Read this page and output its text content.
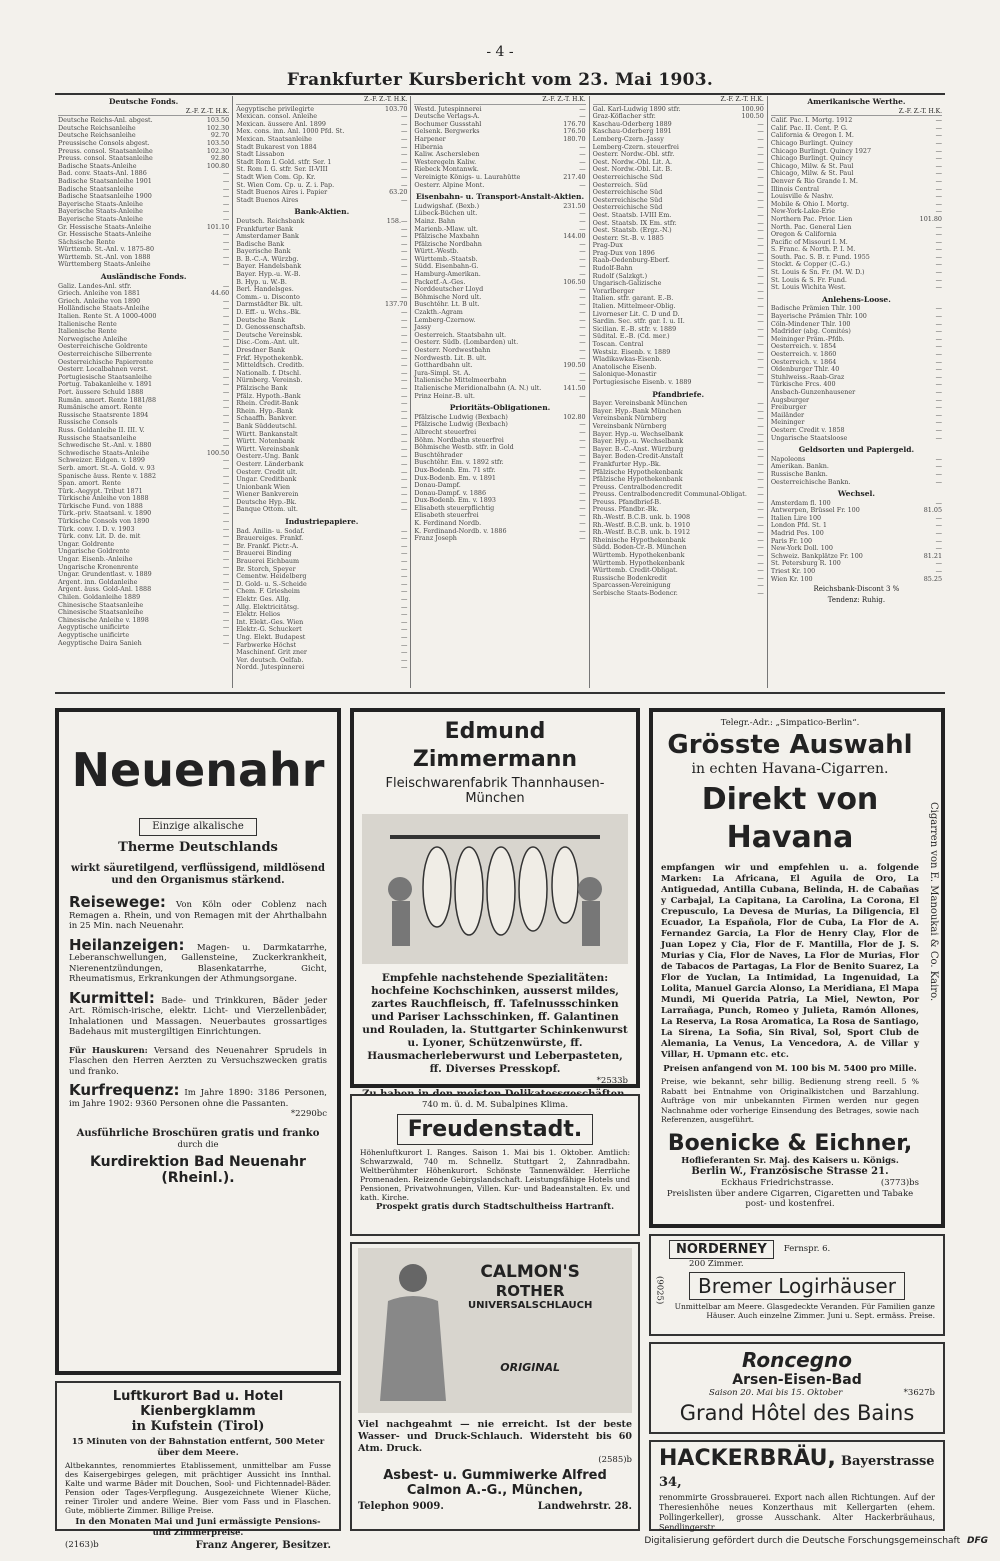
- 4 -
Frankfurter Kursbericht vom 23. Mai 1903.
Deutsche Fonds.
Z.-F. Z.-T. H.K.
Deutsche Reichs-Anl. abgest.	103.50
Deutsche Reichsanleihe	102.30
Deutsche Reichsanleihe	92.70
Preussische Consols abgest.	103.50
Preuss. consol. Staatsanleihe	102.30
Preuss. consol. Staatsanleihe	92.80
Badische Staats-Anleihe	100.80
Bad. conv. Staats-Anl. 1886	—
Badische Staatsanleihe 1901	—
Badische Staatsanleihe	—
Badische Staatsanleihe 1900	—
Bayerische Staats-Anleihe	—
Bayerische Staats-Anleihe	—
Bayerische Staats-Anleihe	—
Gr. Hessische Staats-Anleihe	101.10
Gr. Hessische Staats-Anleihe	—
Sächsische Rente	—
Württemb. St.-Anl. v. 1875-80	—
Württemb. St.-Anl. von 1888	—
Württemberg Staats-Anleihe	—
Ausländische Fonds.
Galiz. Landes-Anl. stfr.	—
Griech. Anleihe von 1881	44.60
Griech. Anleihe von 1890	—
Holländische Staats-Anleihe	—
Italien. Rente St. A 1000-4000	—
Italienische Rente	—
Italienische Rente	—
Norwegische Anleihe	—
Oesterreichische Goldrente	—
Oesterreichische Silberrente	—
Oesterreichische Papierrente	—
Oesterr. Localbahnen verst.	—
Portugiesische Staatsanleihe	—
Portug. Tabakanleihe v. 1891	—
Port. äussere Schuld 1888	—
Rumän. amort. Rente 1881/88	—
Rumänische amort. Rente	—
Russische Staatsrente 1894	—
Russische Consols	—
Russ. Goldanleihe II. III. V.	—
Russische Staatsanleihe	—
Schwedische St.-Anl. v. 1880	—
Schwedische Staats-Anleihe	100.50
Schweizer. Eidgen. v. 1899	—
Serb. amort. St.-A. Gold. v. 93	—
Spanische äuss. Rente v. 1882	—
Span. amort. Rente	—
Türk.-Aegypt. Tribut 1871	—
Türkische Anleihe von 1888	—
Türkische Fund. von 1888	—
Türk.-priv. Staatsanl. v. 1890	—
Türkische Consols von 1890	—
Türk. conv. I. D. v. 1903	—
Türk. conv. Lit. D. de. mit	—
Ungar. Goldrente	—
Ungarische Goldrente	—
Ungar. Eisenb.-Anleihe	—
Ungarische Kronenrente	—
Ungar. Grundentlast. v. 1889	—
Argent. inn. Goldanleihe	—
Argent. äuss. Gold-Anl. 1888	—
Chilen. Goldanleihe 1889	—
Chinesische Staatsanleihe	—
Chinesische Staatsanleihe	—
Chinesische Anleihe v. 1898	—
Aegyptische unificirte	—
Aegyptische unificirte	—
Aegyptische Daira Sanieh	—
Z.-F. Z.-T. H.K.
Aegyptische privilegirte	103.70
Mexican. consol. Anleihe	—
Mexican. äussere Anl. 1899	—
Mex. cons. inn. Anl. 1000 Pfd. St.	—
Mexican. Staatsanleihe	—
Stadt Bukarest von 1884	—
Stadt Lissabon	—
Stadt Rom I. Gold. stfr. Ser. 1	—
St. Rom I. G. stfr. Ser. II-VIII	—
Stadt Wien Com. Gp. Kr.	—
St. Wien Com. Cp. u. Z. i. Pap.	—
Stadt Buenos Aires i. Papier	63.20
Stadt Buenos Aires	—
Bank-Aktien.
Deutsch. Reichsbank	158.—
Frankfurter Bank	—
Amsterdamer Bank	—
Badische Bank	—
Bayerische Bank	—
B. B.-C.-A. Würzbg.	—
Bayer. Handelsbank	—
Bayer. Hyp.-u. W.-B.	—
B. Hyp. u. W.-B.	—
Berl. Handelsges.	—
Comm.- u. Disconto	—
Darmstädter Bk. ult.	137.70
D. Eff.- u. Wchs.-Bk.	—
Deutsche Bank	—
D. Genossenschaftsb.	—
Deutsche Vereinsbk.	—
Disc.-Com.-Ant. ult.	—
Dresdner Bank	—
Frkf. Hypothekenbk.	—
Mitteldtsch. Creditb.	—
Nationalb. f. Dtschl.	—
Nürnberg. Vereinsb.	—
Pfälzische Bank	—
Pfälz. Hypoth.-Bank	—
Rhein. Credit-Bank	—
Rhein. Hyp.-Bank	—
Schaaffh. Bankver.	—
Bank Süddeutschl.	—
Württ. Bankanstalt	—
Württ. Notenbank	—
Württ. Vereinsbank	—
Oesterr.-Ung. Bank	—
Oesterr. Länderbank	—
Oesterr. Credit ult.	—
Ungar. Creditbank	—
Unionbank Wien	—
Wiener Bankverein	—
Deutsche Hyp.-Bk.	—
Banque Ottom. ult.	—
Industriepapiere.
Bad. Anilin- u. Sodaf.	—
Brauereiges. Frankf.	—
Br. Frankf. Pictr.-A.	—
Brauerei Binding	—
Brauerei Eichbaum	—
Br. Storch, Speyer	—
Cementw. Heidelberg	—
D. Gold- u. S.-Scheide	—
Chem. F. Griesheim	—
Elektr. Ges. Allg.	—
Allg. Elektricitätsg.	—
Elektr. Helios	—
Int. Elekt.-Ges. Wien	—
Elektr.-G. Schuckert	—
Ung. Elekt. Budapest	—
Farbwerke Höchst	—
Maschinenf. Grit zner	—
Ver. deutsch. Oelfab.	—
Nordd. Jutespinnerei	—
Z.-F. Z.-T. H.K.
Westd. Jutespinnerei	—
Deutsche Verlags-A.	—
Bochumer Gussstahl	176.70
Gelsenk. Bergwerks	176.50
Harpener	180.70
Hibernia	—
Kaliw. Aschersleben	—
Westeregeln Kaliw.	—
Riebeck Montanwk.	—
Vereinigte Königs- u. Laurahütte	217.40
Oesterr. Alpine Mont.	—
Eisenbahn- u. Transport-Anstalt-Aktien.
Ludwigshaf. (Bexb.)	231.50
Lübeck-Büchen ult.	—
Mainz. Bahn	—
Marienb.-Mlaw. ult.	—
Pfälzische Maxbahn	144.00
Pfälzische Nordbahn	—
Württ.-Westb.	—
Württemb.-Staatsb.	—
Südd. Eisenbahn-G.	—
Hamburg-Amerikan.	—
Packetf.-A.-Ges.	106.50
Norddeutscher Lloyd	—
Böhmische Nord ult.	—
Buschtěhr. Lt. B ult.	—
Czakth.-Agram	—
Lemberg-Czernow.	—
Jassy	—
Oesterreich. Staatsbahn ult.	—
Oesterr. Südb. (Lombarden) ult.	—
Oesterr. Nordwestbahn	—
Nordwestb. Lit. B. ult.	—
Gotthardbahn ult.	190.50
Jura-Simpl. St. A.	—
Italienische Mittelmeerbahn	—
Italienische Meridionalbahn (A. N.) ult.	141.50
Prinz Heinr.-B. ult.	—
Prioritäts-Obligationen.
Pfälzische Ludwig (Bexbach)	102.80
Pfälzische Ludwig (Bexbach)	—
Albrecht steuerfrei	—
Böhm. Nordbahn steuerfrei	—
Böhmische Westb. stfr. in Gold	—
Buschtěhrader	—
Buschtěhr. Em. v. 1892 stfr.	—
Dux-Bodenb. Em. 71 stfr.	—
Dux-Bodenb. Em. v. 1891	—
Donau-Dampf.	—
Donau-Dampf. v. 1886	—
Dux-Bodenb. Em. v. 1893	—
Elisabeth steuerpflichtig	—
Elisabeth steuerfrei	—
K. Ferdinand Nordb.	—
K. Ferdinand-Nordb. v. 1886	—
Franz Joseph	—
Z.-F. Z.-T. H.K.
Gal. Karl-Ludwig 1890 stfr.	100.90
Graz-Köflacher stfr.	100.50
Kaschau-Oderberg 1889	—
Kaschau-Oderberg 1891	—
Lemberg-Czern.-Jassy	—
Lemberg-Czern. steuerfrei	—
Oesterr. Nordw.-Obl. stfr.	—
Oest. Nordw.-Obl. Lit. A.	—
Oest. Nordw.-Obl. Lit. B.	—
Oesterreichische Süd	—
Oesterreich. Süd	—
Oesterreichische Süd	—
Oesterreichische Süd	—
Oesterreichische Süd	—
Oest. Staatsb. I-VIII Em.	—
Oest. Staatsb. IX Em. stfr.	—
Oest. Staatsb. (Ergz.-N.)	—
Oesterr. St.-B. v. 1885	—
Prag-Dux	—
Prag-Dux von 1896	—
Raab-Oedenburg-Eberf.	—
Rudolf-Bahn	—
Rudolf (Salzkgt.)	—
Ungarisch-Galizische	—
Vorarlberger	—
Italien. stfr. garant. E.-B.	—
Italien. Mittelmeer-Oblig.	—
Livorneser Lit. C. D und D.	—
Sardin. Sec. stfr. gar. I. u. II.	—
Sicilian. E.-B. stfr. v. 1889	—
Südital. E.-B. (Cd. mer.)	—
Toscan. Central	—
Westsiz. Eisenb. v. 1889	—
Wladikawkas-Eisenb.	—
Anatolische Eisenb.	—
Salonique-Monastir	—
Portugiesische Eisenb. v. 1889	—
Pfandbriefe.
Bayer. Vereinsbank München	—
Bayer. Hyp.-Bank München	—
Vereinsbank Nürnberg	—
Vereinsbank Nürnberg	—
Bayer. Hyp.-u. Wechselbank	—
Bayer. Hyp.-u. Wechselbank	—
Bayer. B.-C.-Anst. Würzburg	—
Bayer. Boden-Credit-Anstalt	—
Frankfurter Hyp.-Bk.	—
Pfälzische Hypothekenbank	—
Pfälzische Hypothekenbank	—
Preuss. Centralbodencredit	—
Preuss. Centralbodencredit Communal-Obligat. —
Preuss. Pfandbrief-B.	—
Preuss. Pfandbr.-Bk.	—
Rh.-Westf. B.C.B. unk. b. 1908	—
Rh.-Westf. B.C.B. unk. b. 1910	—
Rh.-Westf. B.C.B. unk. b. 1912	—
Rheinische Hypothekenbank	—
Südd. Boden-Cr.-B. München	—
Württemb. Hypothekenbank	—
Württemb. Hypothekenbank	—
Württemb. Credit-Obligat.	—
Russische Bodenkredit	—
Sparcassen-Vereinigung	—
Serbische Staats-Bodencr.	—
Amerikanische Werthe.
Z.-F. Z.-T. H.K.
Calif. Pac. I. Mortg. 1912	—
Calif. Pac. II. Cent. P. G.	—
California & Oregon I. M.	—
Chicago Burlingt. Quincy	—
Chicago Burlingt. Quincy 1927	—
Chicago Burlingt. Quincy	—
Chicago, Milw. & St. Paul	—
Chicago, Milw. & St. Paul	—
Denver & Rio Grande I. M.	—
Illinois Central	—
Louisville & Nashv.	—
Mobile & Ohio I. Mortg.	—
New-York-Lake-Erie	—
Northern Pac. Prior. Lien	101.80
North. Pac. General Lien	—
Oregon & California	—
Pacific of Missouri I. M.	—
S. Franc. & North. P. I. M.	—
South. Pac. S. B. r. Fund. 1955	—
Stockt. & Copper (C.-G.)	—
St. Louis & Sn. Fr. (M. W. D.)	—
St. Louis & S. Fr. Fund.	—
St. Louis Wichita West.	—
Anlehens-Loose.
Badische Prämien Thlr. 100	—
Bayerische Prämien Thlr. 100	—
Cöln-Mindener Thlr. 100	—
Madrider (abg. Comités)	—
Meininger Präm.-Pfdb.	—
Oesterreich. v. 1854	—
Oesterreich. v. 1860	—
Oesterreich. v. 1864	—
Oldenburger Thlr. 40	—
Stuhlweiss.-Raab-Graz	—
Türkische Frcs. 400	—
Ansbach-Gunzenhausener	—
Augsburger	—
Freiburger	—
Mailänder	—
Meininger	—
Oesterr. Credit v. 1858	—
Ungarische Staatsloose	—
Geldsorten und Papiergeld.
Napoleons	—
Amerikan. Bankn.	—
Russische Bankn.	—
Oesterreichische Bankn.	—
Wechsel.
Amsterdam fl. 100	—
Antwerpen, Brüssel Fr. 100	81.05
Italien Lire 100	—
London Pfd. St. 1	—
Madrid Pes. 100	—
Paris Fr. 100	—
New-York Doll. 100	—
Schweiz. Bankplätze Fr. 100	81.21
St. Petersburg R. 100	—
Triest Kr. 100	—
Wien Kr. 100	85.25
Reichsbank-Discont 3 %
Tendenz: Ruhig.
Neuenahr
Einzige alkalische
Therme Deutschlands
wirkt säuretilgend, verflüssigend, mildlösend und den Organismus stärkend.
Reisewege: Von Köln oder Coblenz nach Remagen a. Rhein, und von Remagen mit der Ahrthalbahn in 25 Min. nach Neuenahr.
Heilanzeigen: Magen- u. Darmkatarrhe, Leberanschwellungen, Gallensteine, Zuckerkrankheit, Nierenentzündungen, Blasenkatarrhe, Gicht, Rheumatismus, Erkrankungen der Athmungsorgane.
Kurmittel: Bade- und Trinkkuren, Bäder jeder Art. Römisch-irische, elektr. Licht- und Vierzellenbäder, Inhalationen und Massagen. Neuerbautes grossartiges Badehaus mit mustergiltigen Einrichtungen.
Für Hauskuren: Versand des Neuenahrer Sprudels in Flaschen den Herren Aerzten zu Versuchszwecken gratis und franko.
Kurfrequenz: Im Jahre 1890: 3186 Personen, im Jahre 1902: 9360 Personen ohne die Passanten.
*2290bc
Ausführliche Broschüren gratis und franko
durch die
Kurdirektion Bad Neuenahr (Rheinl.).
Luftkurort Bad u. Hotel Kienbergklamm
in Kufstein (Tirol)
15 Minuten von der Bahnstation entfernt, 500 Meter über dem Meere.
Altbekanntes, renommiertes Etablissement, unmittelbar am Fusse des Kaisergebirges gelegen, mit prächtiger Aussicht ins Innthal. Kalte und warme Bäder mit Douchen, Sool- und Fichtennadel-Bäder. Pension oder Tages-Verpflegung. Ausgezeichnete Wiener Küche, reiner Tiroler und andere Weine. Bier vom Fass und in Flaschen. Gute, möblierte Zimmer. Billige Preise.
In den Monaten Mai und Juni ermässigte Pensions- und Zimmerpreise.
(2163)b	Franz Angerer, Besitzer.
Edmund Zimmermann
Fleischwarenfabrik Thannhausen-München
Empfehle nachstehende Spezialitäten: hochfeine Kochschinken, ausserst mildes, zartes Rauchfleisch, ff. Tafelnussschinken und Pariser Lachsschinken, ff. Galantinen und Rouladen, la. Stuttgarter Schinkenwurst u. Lyoner, Schützenwürste, ff. Hausmacherleberwurst und Leberpasteten, ff. Diverses Presskopf.
*2533b
740 m. ü. d. M. Subalpines Klima.
Freudenstadt.
Höhenluftkurort I. Ranges. Saison 1. Mai bis 1. Oktober. Amtlich: Schwarzwald, 740 m. Schnellz. Stuttgart 2, Zahnradbahn. Weltberühmter Höhenkurort. Schönste Tannenwälder. Herrliche Promenaden. Reizende Gebirgslandschaft. Leistungsfähige Hotels und Pensionen, Privatwohnungen, Villen. Kur- und Badeanstalten. Ev. und kath. Kirche.
Prospekt gratis durch Stadtschultheiss Hartranft.
CALMON'S
ROTHER
UNIVERSALSCHLAUCH
ORIGINAL
Viel nachgeahmt — nie erreicht. Ist der beste Wasser- und Druck-Schlauch. Widersteht bis 60 Atm. Druck.
(2585)b
Asbest- u. Gummiwerke Alfred Calmon A.-G., München,
Telephon 9009.	Landwehrstr. 28.
Telegr.-Adr.: „Simpatico-Berlin“.
Grösste Auswahl
in echten Havana-Cigarren.
Direkt von Havana
empfangen wir und empfehlen u. a. folgende Marken: La Africana, El Aguila de Oro, La Antiguedad, Antilla Cubana, Belinda, H. de Cabañas y Carbajal, La Capitana, La Carolina, La Corona, El Crepusculo, La Devesa de Murias, La Diligencia, El Ecuador, La Española, Flor de Cuba, La Flor de A. Fernandez Garcia, La Flor de Henry Clay, Flor de Juan Lopez y Cia, Flor de F. Mantilla, Flor de J. S. Murias y Cia, Flor de Naves, La Flor de Murias, Flor de Tabacos de Partagas, La Flor de Benito Suarez, La Flor de Yuclan, La Intimidad, La Ingenuidad, La Lolita, Manuel Garcia Alonso, La Meridiana, El Mapa Mundi, Mi Querida Patria, La Miel, Newton, Por Larrañaga, Punch, Romeo y Julieta, Ramón Allones, La Reserva, La Rosa Aromatica, La Rosa de Santiago, La Sirena, La Sofia, Sin Rival, Sol, Sport Club de Alemania, La Venus, La Vencedora, A. de Villar y Villar, H. Upmann etc. etc.
Preisen anfangend von M. 100 bis M. 5400 pro Mille.
Preise, wie bekannt, sehr billig. Bedienung streng reell. 5 % Rabatt bei Entnahme von Originalkistchen und Barzahlung. Aufträge von mir unbekannten Firmen werden nur gegen Nachnahme oder vorherige Einsendung des Betrages, sowie nach Referenzen, ausgeführt.
Boenicke & Eichner,
Hoflieferanten Sr. Maj. des Kaisers u. Königs.
Berlin W., Französische Strasse 21.
Eckhaus Friedrichstrasse.	(3773)bs
Preislisten über andere Cigarren, Cigaretten und Tabake post- und kostenfrei.
Cigarren von E. Manoukai & Co. Kairo.
NORDERNEY	Fernspr. 6.
200 Zimmer.
Bremer Logirhäuser
Unmittelbar am Meere. Glasgedeckte Veranden. Für Familien ganze Häuser. Auch einzelne Zimmer. Juni u. Sept. ermäss. Preise.
(9025)
Roncegno
Arsen-Eisen-Bad
Saison 20. Mai bis 15. Oktober	*3627b
Grand Hôtel des Bains
HACKERBRÄU, Bayerstrasse 34,
renommirte Grossbrauerei. Export nach allen Richtungen. Auf der Theresienhöhe neues Konzerthaus mit Kellergarten (ehem. Pollingerkeller), grosse Ausschank. Alter Hackerbräuhaus, Sendlingerstr.
Digitalisierung gefördert durch die Deutsche Forschungsgemeinschaft DFG
